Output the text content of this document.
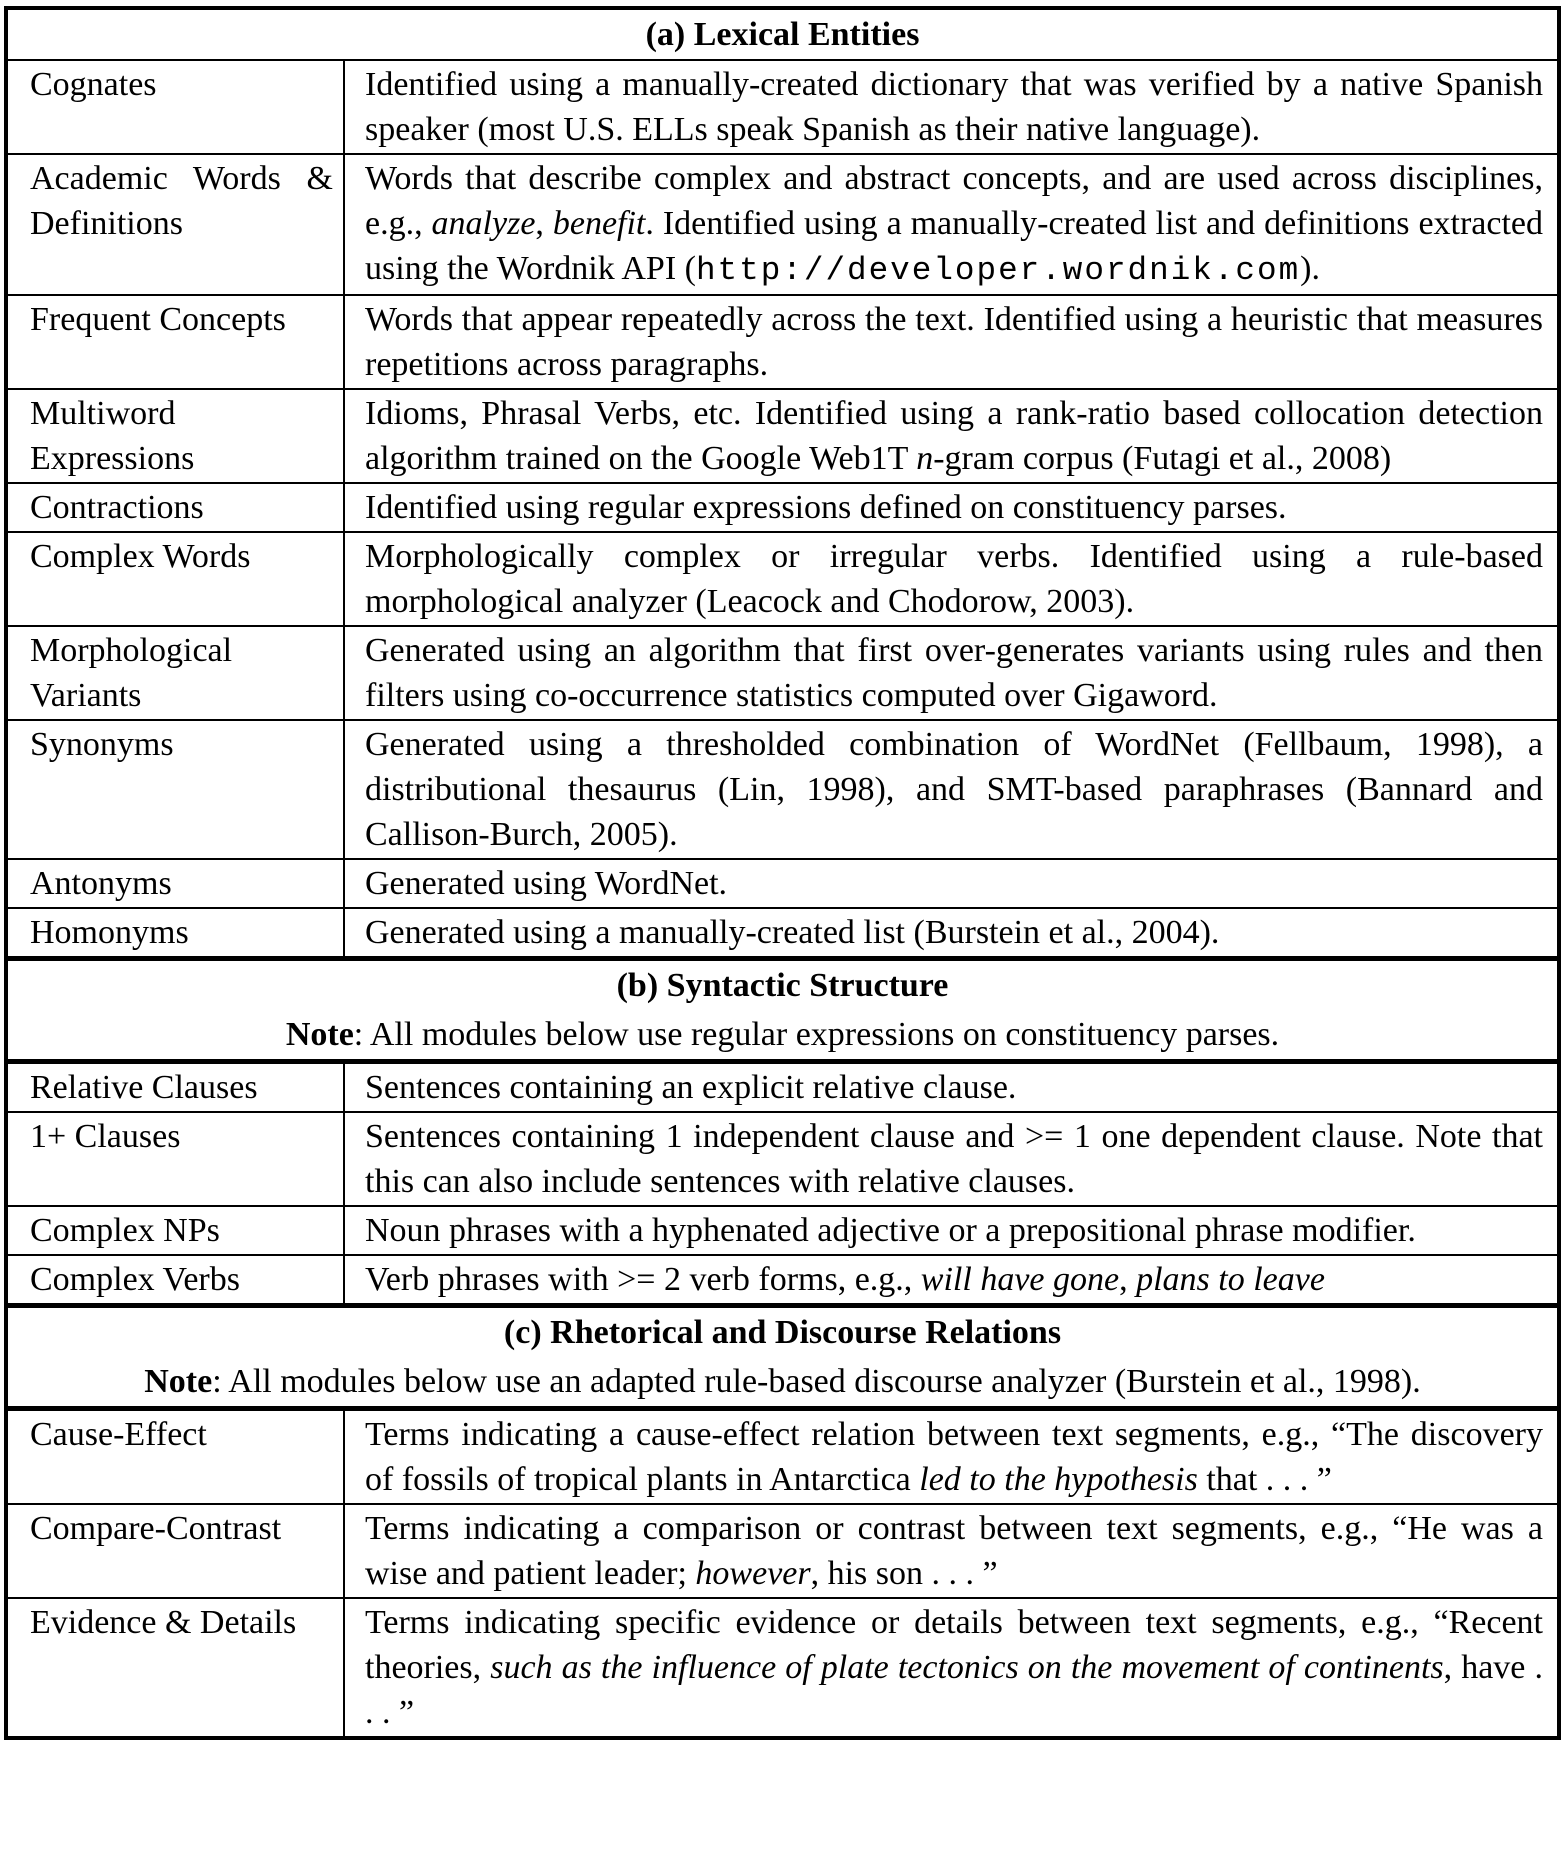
(a) Lexical Entities	
Cognates	Identified using a manually-created dictionary that was verified by a native Spanish speaker (most U.S. ELLs speak Spanish as their native language).
Academic Words & Definitions	Words that describe complex and abstract concepts, and are used across disciplines, e.g., analyze, benefit. Identified using a manually-created list and definitions extracted using the Wordnik API (http://developer.wordnik.com).
Frequent Concepts	Words that appear repeatedly across the text. Identified using a heuristic that measures repetitions across paragraphs.
Multiword Expressions	Idioms, Phrasal Verbs, etc. Identified using a rank-ratio based collocation detection algorithm trained on the Google Web1T n-gram corpus (Futagi et al., 2008)
Contractions	Identified using regular expressions defined on constituency parses.
Complex Words	Morphologically complex or irregular verbs. Identified using a rule-based morphological analyzer (Leacock and Chodorow, 2003).
Morphological Variants	Generated using an algorithm that first over-generates variants using rules and then filters using co-occurrence statistics computed over Gigaword.
Synonyms	Generated using a thresholded combination of WordNet (Fellbaum, 1998), a distributional thesaurus (Lin, 1998), and SMT-based paraphrases (Bannard and Callison-Burch, 2005).
Antonyms	Generated using WordNet.
Homonyms	Generated using a manually-created list (Burstein et al., 2004).
(b) Syntactic Structure	
Note: All modules below use regular expressions on constituency parses.	
Relative Clauses	Sentences containing an explicit relative clause.
1+ Clauses	Sentences containing 1 independent clause and >= 1 one dependent clause. Note that this can also include sentences with relative clauses.
Complex NPs	Noun phrases with a hyphenated adjective or a prepositional phrase modifier.
Complex Verbs	Verb phrases with >= 2 verb forms, e.g., will have gone, plans to leave
(c) Rhetorical and Discourse Relations	
Note: All modules below use an adapted rule-based discourse analyzer (Burstein et al., 1998).	
Cause-Effect	Terms indicating a cause-effect relation between text segments, e.g., “The discovery of fossils of tropical plants in Antarctica led to the hypothesis that . . . ”
Compare-Contrast	Terms indicating a comparison or contrast between text segments, e.g., “He was a wise and patient leader; however, his son . . . ”
Evidence & Details	Terms indicating specific evidence or details between text segments, e.g., “Recent theories, such as the influence of plate tectonics on the movement of continents, have . . . ”
